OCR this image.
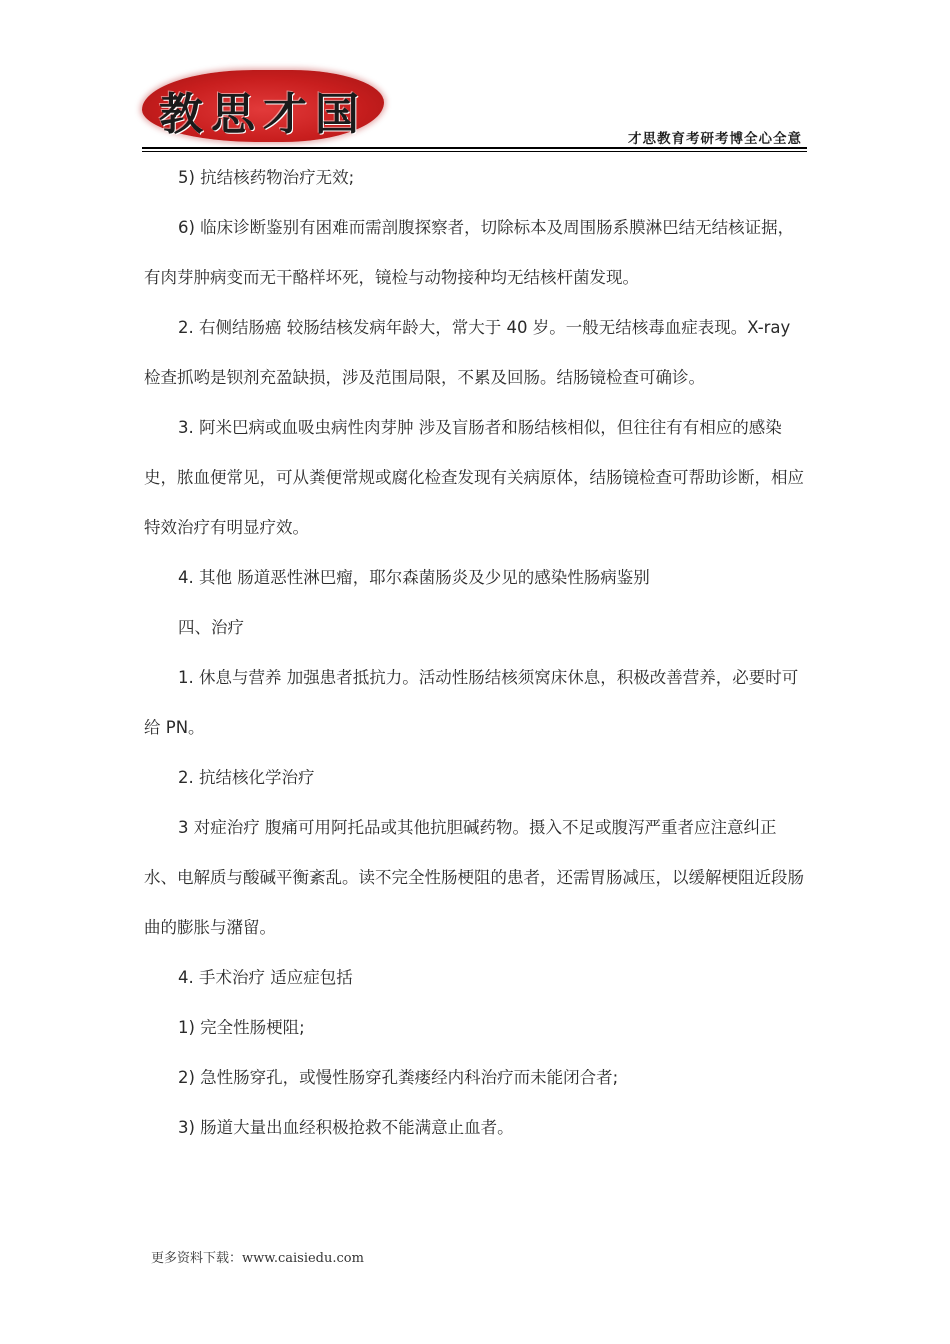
教思才国	才思教育考研考博全心全意
5) 抗结核药物治疗无效;
6) 临床诊断鉴别有困难而需剖腹探察者，切除标本及周围肠系膜淋巴结无结核证据，
有肉芽肿病变而无干酪样坏死，镜检与动物接种均无结核杆菌发现。
2. 右侧结肠癌 较肠结核发病年龄大，常大于 40 岁。一般无结核毒血症表现。X-ray
检查抓哟是钡剂充盈缺损，涉及范围局限，不累及回肠。结肠镜检查可确诊。
3. 阿米巴病或血吸虫病性肉芽肿 涉及盲肠者和肠结核相似，但往往有有相应的感染
史，脓血便常见，可从粪便常规或腐化检查发现有关病原体，结肠镜检查可帮助诊断，相应
特效治疗有明显疗效。
4. 其他 肠道恶性淋巴瘤，耶尔森菌肠炎及少见的感染性肠病鉴别
四、治疗
1. 休息与营养 加强患者抵抗力。活动性肠结核须窝床休息，积极改善营养，必要时可
给 PN。
2. 抗结核化学治疗
3 对症治疗 腹痛可用阿托品或其他抗胆碱药物。摄入不足或腹泻严重者应注意纠正
水、电解质与酸碱平衡紊乱。读不完全性肠梗阻的患者，还需胃肠减压，以缓解梗阻近段肠
曲的膨胀与潴留。
4. 手术治疗 适应症包括
1) 完全性肠梗阻;
2) 急性肠穿孔，或慢性肠穿孔粪瘘经内科治疗而未能闭合者;
3) 肠道大量出血经积极抢救不能满意止血者。
更多资料下载：www.caisiedu.com
